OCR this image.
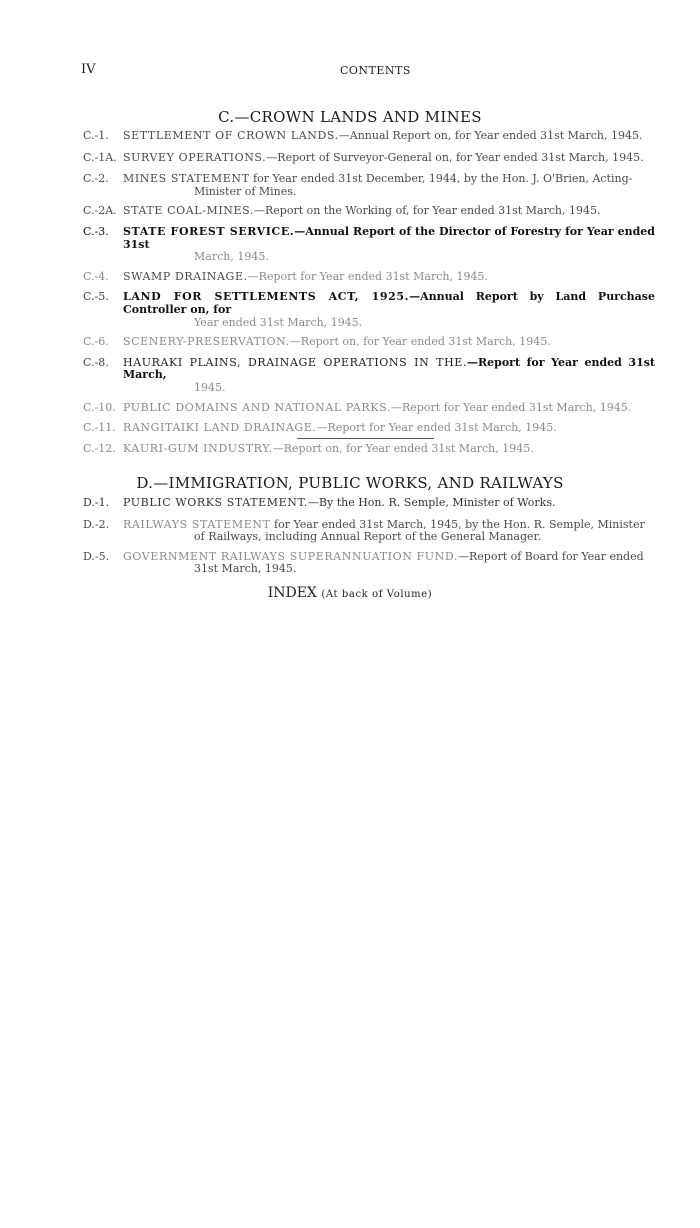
IV	CONTENTS
C.—CROWN LANDS AND MINES
C.-1.	SETTLEMENT OF CROWN LANDS.—Annual Report on, for Year ended 31st March, 1945.
C.-1A. SURVEY OPERATIONS.—Report of Surveyor-General on, for Year ended 31st March, 1945.
C.-2.	MINES STATEMENT for Year ended 31st December, 1944, by the Hon. J. O'Brien, Acting-
Minister of Mines.
C.-2A. STATE COAL-MINES.—Report on the Working of, for Year ended 31st March, 1945.
C.-3.	STATE FOREST SERVICE.—Annual Report of the Director of Forestry for Year ended 31st
March, 1945.
C.-4.	SWAMP DRAINAGE.—Report for Year ended 31st March, 1945.
C.-5.	LAND FOR SETTLEMENTS ACT, 1925.—Annual Report by Land Purchase Controller on, for
Year ended 31st March, 1945.
C.-6.	SCENERY-PRESERVATION.—Report on, for Year ended 31st March, 1945.
C.-8.	HAURAKI PLAINS, DRAINAGE OPERATIONS IN THE.—Report for Year ended 31st March,
1945.
C.-10. PUBLIC DOMAINS AND NATIONAL PARKS.—Report for Year ended 31st March, 1945.
C.-11. RANGITAIKI LAND DRAINAGE.—Report for Year ended 31st March, 1945.
C.-12. KAURI-GUM INDUSTRY.—Report on, for Year ended 31st March, 1945.
D.—IMMIGRATION, PUBLIC WORKS, AND RAILWAYS
D.-1.	PUBLIC WORKS STATEMENT.—By the Hon. R. Semple, Minister of Works.
D.-2.	RAILWAYS STATEMENT for Year ended 31st March, 1945, by the Hon. R. Semple, Minister
of Railways, including Annual Report of the General Manager.
D.-5.	GOVERNMENT RAILWAYS SUPERANNUATION FUND.—Report of Board for Year ended
31st March, 1945.
INDEX (At back of Volume)
